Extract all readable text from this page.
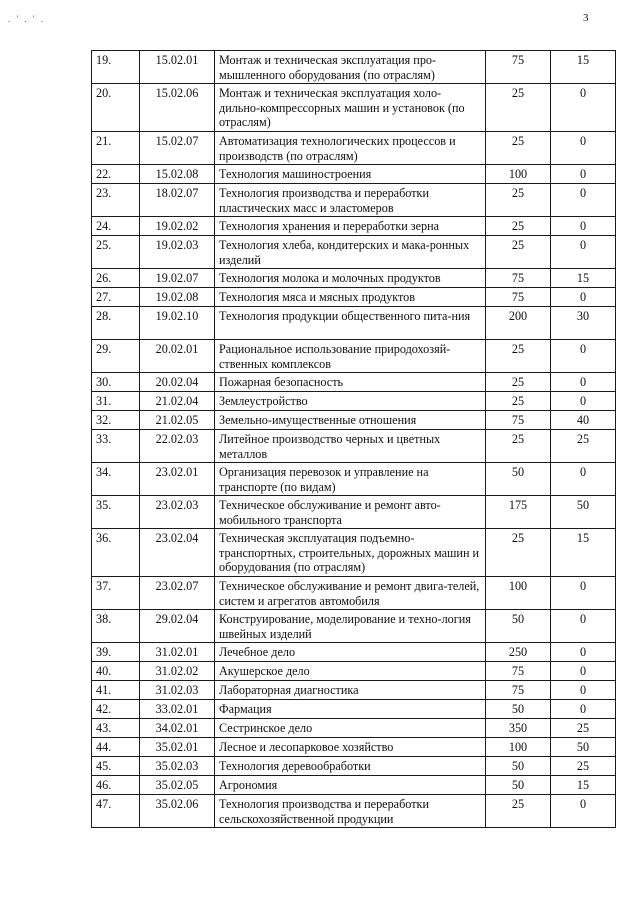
. ' . ' .	3
19.	15.02.01	Монтаж и техническая эксплуатация про-мышленного оборудования (по отраслям)	75	15
20.	15.02.06	Монтаж и техническая эксплуатация холо-дильно-компрессорных машин и установок (по отраслям)	25	0
21.	15.02.07	Автоматизация технологических процессов и производств (по отраслям)	25	0
22.	15.02.08	Технология машиностроения	100	0
23.	18.02.07	Технология производства и переработки пластических масс и эластомеров	25	0
24.	19.02.02	Технология хранения и переработки зерна	25	0
25.	19.02.03	Технология хлеба, кондитерских и мака-ронных изделий	25	0
26.	19.02.07	Технология молока и молочных продуктов	75	15
27.	19.02.08	Технология мяса и мясных продуктов	75	0
28.	19.02.10	Технология продукции общественного пита-ния	200	30
29.	20.02.01	Рациональное использование природохозяй-ственных комплексов	25	0
30.	20.02.04	Пожарная безопасность	25	0
31.	21.02.04	Землеустройство	25	0
32.	21.02.05	Земельно-имущественные отношения	75	40
33.	22.02.03	Литейное производство черных и цветных металлов	25	25
34.	23.02.01	Организация перевозок и управление на транспорте (по видам)	50	0
35.	23.02.03	Техническое обслуживание и ремонт авто-мобильного транспорта	175	50
36.	23.02.04	Техническая эксплуатация подъемно-транспортных, строительных, дорожных машин и оборудования (по отраслям)	25	15
37.	23.02.07	Техническое обслуживание и ремонт двига-телей, систем и агрегатов автомобиля	100	0
38.	29.02.04	Конструирование, моделирование и техно-логия швейных изделий	50	0
39.	31.02.01	Лечебное дело	250	0
40.	31.02.02	Акушерское дело	75	0
41.	31.02.03	Лабораторная диагностика	75	0
42.	33.02.01	Фармация	50	0
43.	34.02.01	Сестринское дело	350	25
44.	35.02.01	Лесное и лесопарковое хозяйство	100	50
45.	35.02.03	Технология деревообработки	50	25
46.	35.02.05	Агрономия	50	15
47.	35.02.06	Технология производства и переработки сельскохозяйственной продукции	25	0
